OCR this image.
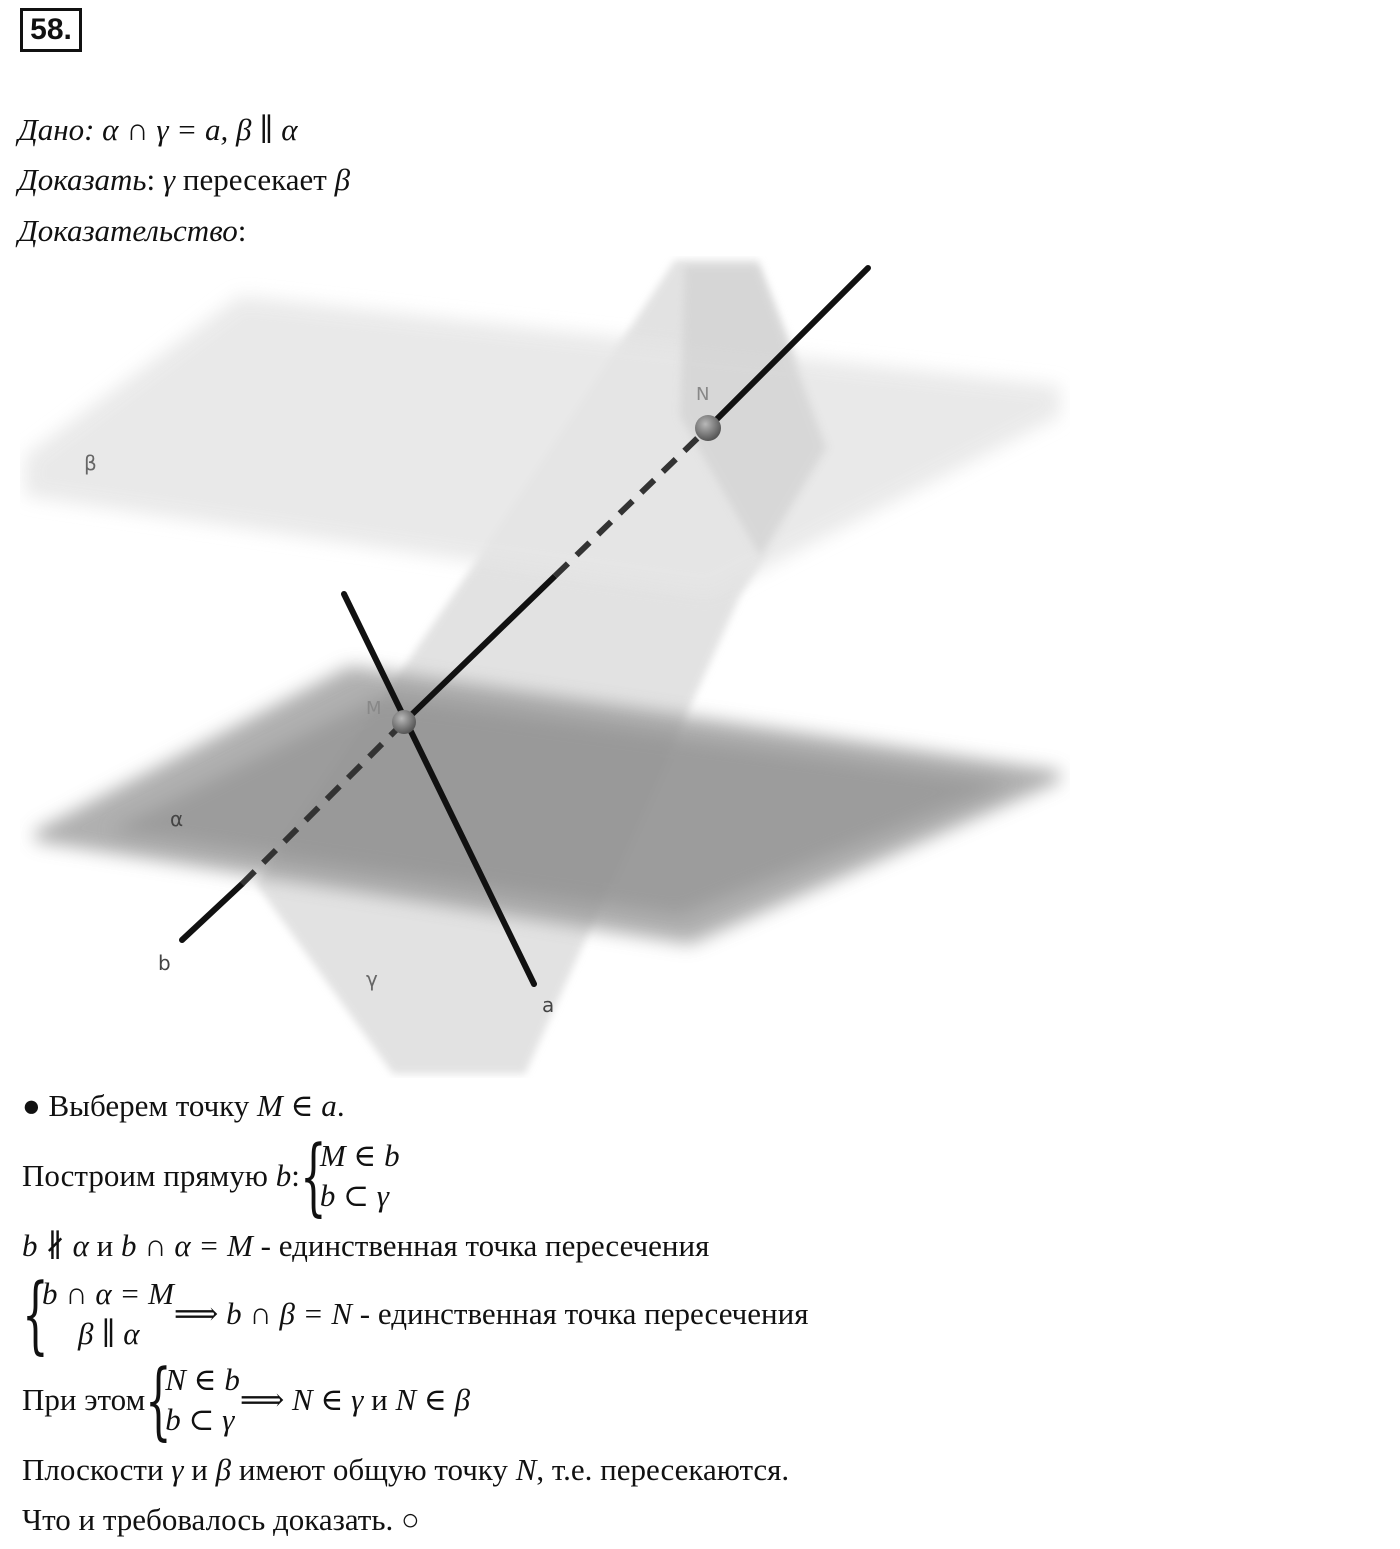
58.
Дано: α ∩ γ = a, β ∥ α
Доказать: γ пересекает β
Доказательство:
β
α
γ
M
N
a
b
● Выберем точку M ∈ a.
Построим прямую b: {
M ∈ b
b ⊂ γ
b ∦ α и b ∩ α = M - единственная точка пересечения
{
b ∩ α = M
β ∥ α
⟹ b ∩ β = N - единственная точка пересечения
При этом {
N ∈ b
b ⊂ γ
⟹ N ∈ γ и N ∈ β
Плоскости γ и β имеют общую точку N, т.е. пересекаются.
Что и требовалось доказать. ○
